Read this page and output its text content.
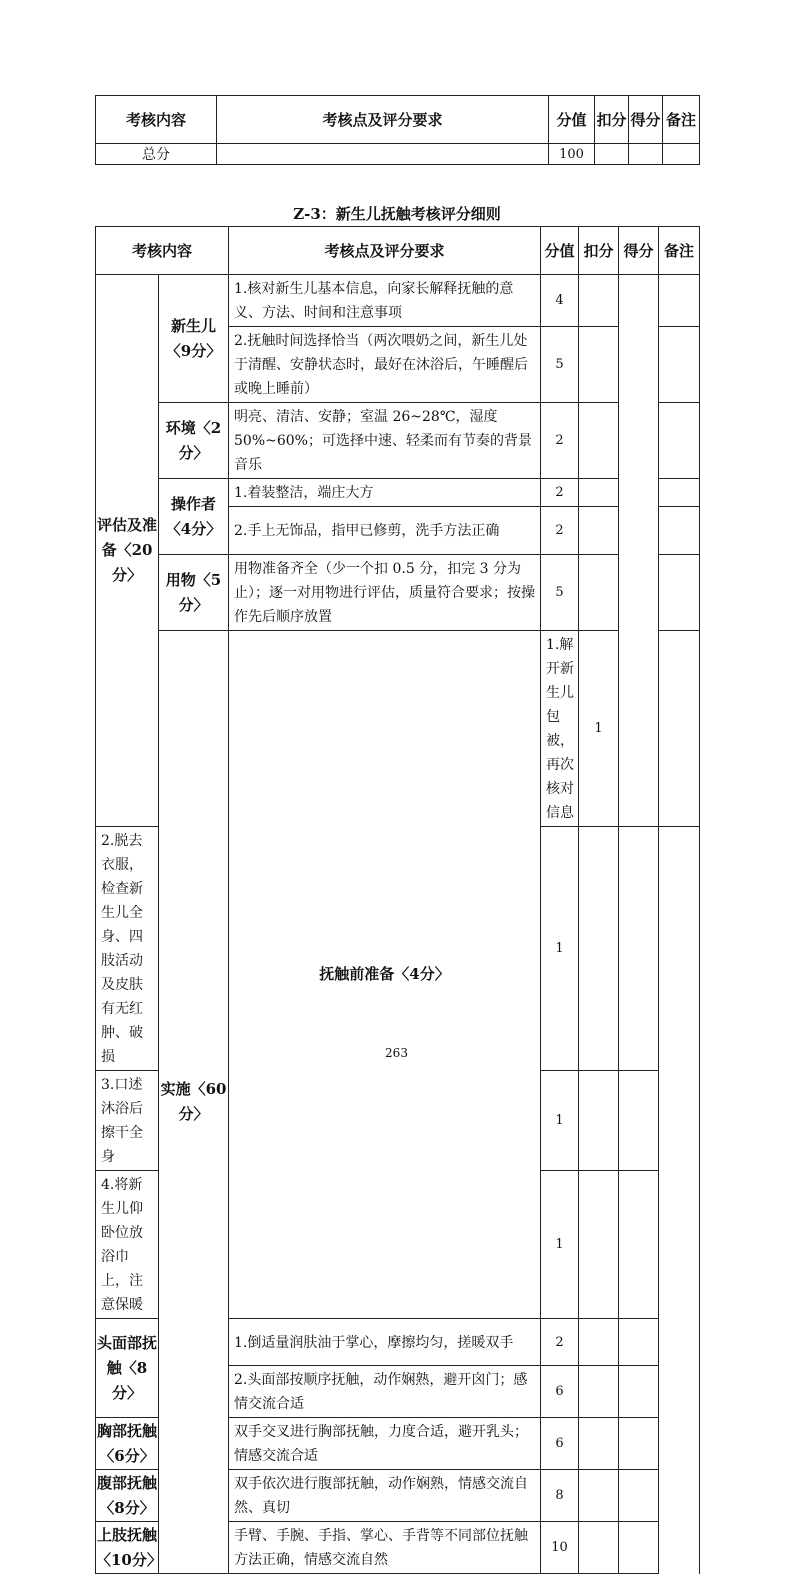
考核内容	考核点及评分要求	分值	扣分	得分	备注
总分		100			
Z-3：新生儿抚触考核评分细则
考核内容		考核点及评分要求	分值	扣分	得分	备注	
评估及准备〈20分〉	新生儿〈9分〉	1.核对新生儿基本信息，向家长解释抚触的意义、方法、时间和注意事项	4				
		2.抚触时间选择恰当（两次喂奶之间，新生儿处于清醒、安静状态时，最好在沐浴后，午睡醒后或晚上睡前）	5				
	环境〈2分〉	明亮、清洁、安静；室温 26~28℃，湿度50%~60%；可选择中速、轻柔而有节奏的背景音乐	2				
	操作者〈4分〉	1.着装整洁，端庄大方	2				
		2.手上无饰品，指甲已修剪，洗手方法正确	2				
	用物〈5分〉	用物准备齐全（少一个扣 0.5 分，扣完 3 分为止）；逐一对用物进行评估，质量符合要求；按操作先后顺序放置	5				
	实施〈60分〉	抚触前准备〈4分〉	1.解开新生儿包被，再次核对信息	1			
2.脱去衣服，检查新生儿全身、四肢活动及皮肤有无红肿、破损			1				
3.口述沐浴后擦干全身			1				
4.将新生儿仰卧位放浴巾上，注意保暖			1				
头面部抚触〈8分〉		1.倒适量润肤油于掌心，摩擦均匀，搓暖双手	2				
		2.头面部按顺序抚触，动作娴熟，避开囟门；感情交流合适	6				
胸部抚触〈6分〉		双手交叉进行胸部抚触，力度合适，避开乳头；情感交流合适	6				
腹部抚触〈8分〉		双手依次进行腹部抚触，动作娴熟，情感交流自然、真切	8				
上肢抚触〈10分〉		手臂、手腕、手指、掌心、手背等不同部位抚触方法正确，情感交流自然	10				
263
